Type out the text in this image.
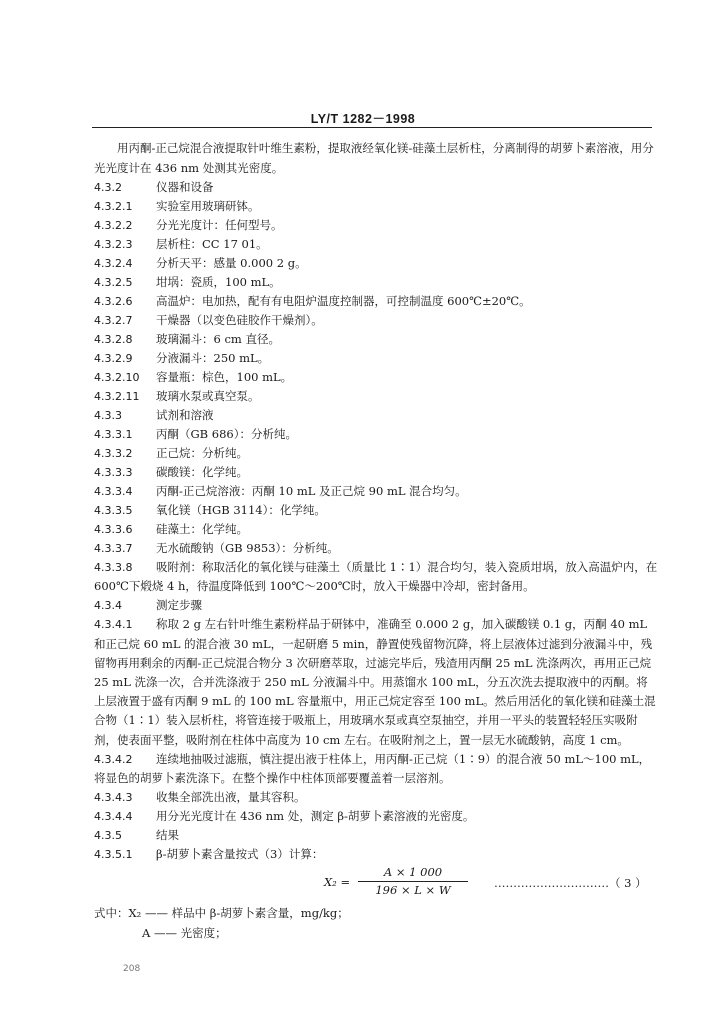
LY/T 1282－1998

用丙酮-正己烷混合液提取针叶维生素粉，提取液经氧化镁-硅藻土层析柱，分离制得的胡萝卜素溶液，用分光光度计在 436 nm 处测其光密度。

4.3.2	仪器和设备
4.3.2.1	实验室用玻璃研钵。
4.3.2.2	分光光度计：任何型号。
4.3.2.3	层析柱：CC 17 01。
4.3.2.4	分析天平：感量 0.000 2 g。
4.3.2.5	坩埚：瓷质，100 mL。
4.3.2.6	高温炉：电加热，配有有电阻炉温度控制器，可控制温度 600℃±20℃。
4.3.2.7	干燥器（以变色硅胶作干燥剂）。
4.3.2.8	玻璃漏斗：6 cm 直径。
4.3.2.9	分液漏斗：250 mL。
4.3.2.10	容量瓶：棕色，100 mL。
4.3.2.11	玻璃水泵或真空泵。
4.3.3	试剂和溶液
4.3.3.1	丙酮（GB 686）：分析纯。
4.3.3.2	正己烷：分析纯。
4.3.3.3	碳酸镁：化学纯。
4.3.3.4	丙酮-正己烷溶液：丙酮 10 mL 及正己烷 90 mL 混合均匀。
4.3.3.5	氧化镁（HGB 3114）：化学纯。
4.3.3.6	硅藻土：化学纯。
4.3.3.7	无水硫酸钠（GB 9853）：分析纯。

4.3.3.8 吸附剂：称取活化的氧化镁与硅藻土（质量比 1∶1）混合均匀，装入瓷质坩埚，放入高温炉内，在 600℃下煅烧 4 h，待温度降低到 100℃～200℃时，放入干燥器中冷却，密封备用。

4.3.4	测定步骤

4.3.4.1 称取 2 g 左右针叶维生素粉样品于研钵中，准确至 0.000 2 g，加入碳酸镁 0.1 g，丙酮 40 mL 和正己烷 60 mL 的混合液 30 mL，一起研磨 5 min，静置使残留物沉降，将上层液体过滤到分液漏斗中，残留物再用剩余的丙酮-正己烷混合物分 3 次研磨萃取，过滤完毕后，残渣用丙酮 25 mL 洗涤两次，再用正己烷 25 mL 洗涤一次，合并洗涤液于 250 mL 分液漏斗中。用蒸馏水 100 mL，分五次洗去提取液中的丙酮。将上层液置于盛有丙酮 9 mL 的 100 mL 容量瓶中，用正己烷定容至 100 mL。然后用活化的氧化镁和硅藻土混合物（1∶1）装入层析柱，将管连接于吸瓶上，用玻璃水泵或真空泵抽空，并用一平头的装置轻轻压实吸附剂，使表面平整，吸附剂在柱体中高度为 10 cm 左右。在吸附剂之上，置一层无水硫酸钠，高度 1 cm。

4.3.4.2 连续地抽吸过滤瓶，慎注提出液于柱体上，用丙酮-正己烷（1∶9）的混合液 50 mL～100 mL，将显色的胡萝卜素洗涤下。在整个操作中柱体顶部要覆盖着一层溶剂。

4.3.4.3	收集全部洗出液，量其容积。
4.3.4.4	用分光光度计在 436 nm 处，测定 β-胡萝卜素溶液的光密度。
4.3.5	结果
4.3.5.1	β-胡萝卜素含量按式（3）计算：
$X_2 = \frac{A \times 1 000}{196 \times L \times W}$ …………………………（ 3 ）

式中：X₂ —— 样品中 β-胡萝卜素含量，mg/kg；

A —— 光密度；

208
